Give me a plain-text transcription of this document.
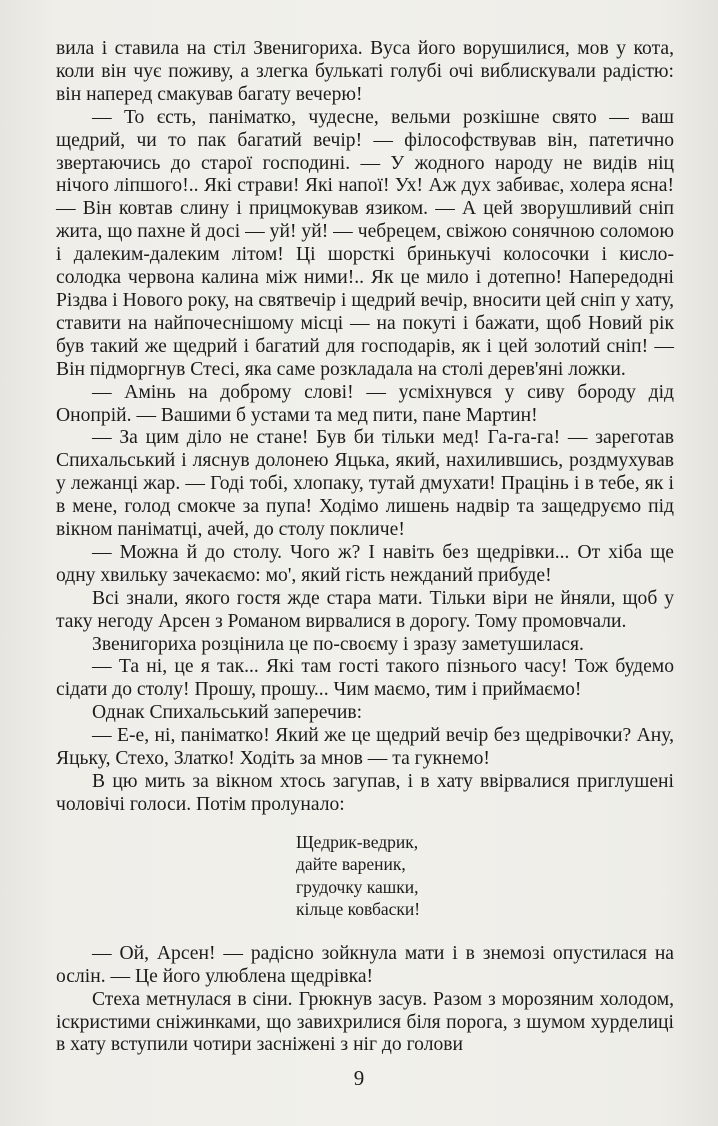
вила і ставила на стіл Звенигориха. Вуса його ворушилися, мов у кота, коли він чує поживу, а злегка булькаті голубі очі виблискували радістю: він наперед смакував багату вечерю!

— То єсть, паніматко, чудесне, вельми розкішне свято — ваш щедрий, чи то пак багатий вечір! — філософствував він, патетично звертаючись до старої господині. — У жодного народу не видів ніц нічого ліпшого!.. Які страви! Які напої! Ух! Аж дух забиває, холера ясна! — Він ковтав слину і прицмокував язиком. — А цей зворушливий сніп жита, що пахне й досі — уй! уй! — чебрецем, свіжою сонячною соломою і далеким-далеким літом! Ці шорсткі бринькучі колосочки і кисло-солодка червона калина між ними!.. Як це мило і дотепно! Напередодні Різдва і Нового року, на святвечір і щедрий вечір, вносити цей сніп у хату, ставити на найпочеснішому місці — на покуті і бажати, щоб Новий рік був такий же щедрий і багатий для господарів, як і цей золотий сніп! — Він підморгнув Стесі, яка саме розкладала на столі дерев'яні ложки.

— Амінь на доброму слові! — усміхнувся у сиву бороду дід Онопрій. — Вашими б устами та мед пити, пане Мартин!

— За цим діло не стане! Був би тільки мед! Га-га-га! — зареготав Спихальський і ляснув долонею Яцька, який, нахилившись, роздмухував у лежанці жар. — Годі тобі, хлопаку, тутай дмухати! Працінь і в тебе, як і в мене, голод смокче за пупа! Ходімо лишень надвір та защедруємо під вікном паніматці, ачей, до столу покличе!

— Можна й до столу. Чого ж? І навіть без щедрівки... От хіба ще одну хвильку зачекаємо: мо', який гість нежданий прибуде!

Всі знали, якого гостя жде стара мати. Тільки віри не йняли, щоб у таку негоду Арсен з Романом вирвалися в дорогу. Тому промовчали.

Звенигориха розцінила це по-своєму і зразу заметушилася.

— Та ні, це я так... Які там гості такого пізнього часу! Тож будемо сідати до столу! Прошу, прошу... Чим маємо, тим і приймаємо!

Однак Спихальський заперечив:

— Е-е, ні, паніматко! Який же це щедрий вечір без щедрівочки? Ану, Яцьку, Стехо, Златко! Ходіть за мнов — та гукнемо!

В цю мить за вікном хтось загупав, і в хату ввірвалися приглушені чоловічі голоси. Потім пролунало:

Щедрик-ведрик,
дайте вареник,
грудочку кашки,
кільце ковбаски!

— Ой, Арсен! — радісно зойкнула мати і в знемозі опустилася на ослін. — Це його улюблена щедрівка!

Стеха метнулася в сіни. Грюкнув засув. Разом з морозяним холодом, іскристими сніжинками, що завихрилися біля порога, з шумом хурделиці в хату вступили чотири засніжені з ніг до голови

9
